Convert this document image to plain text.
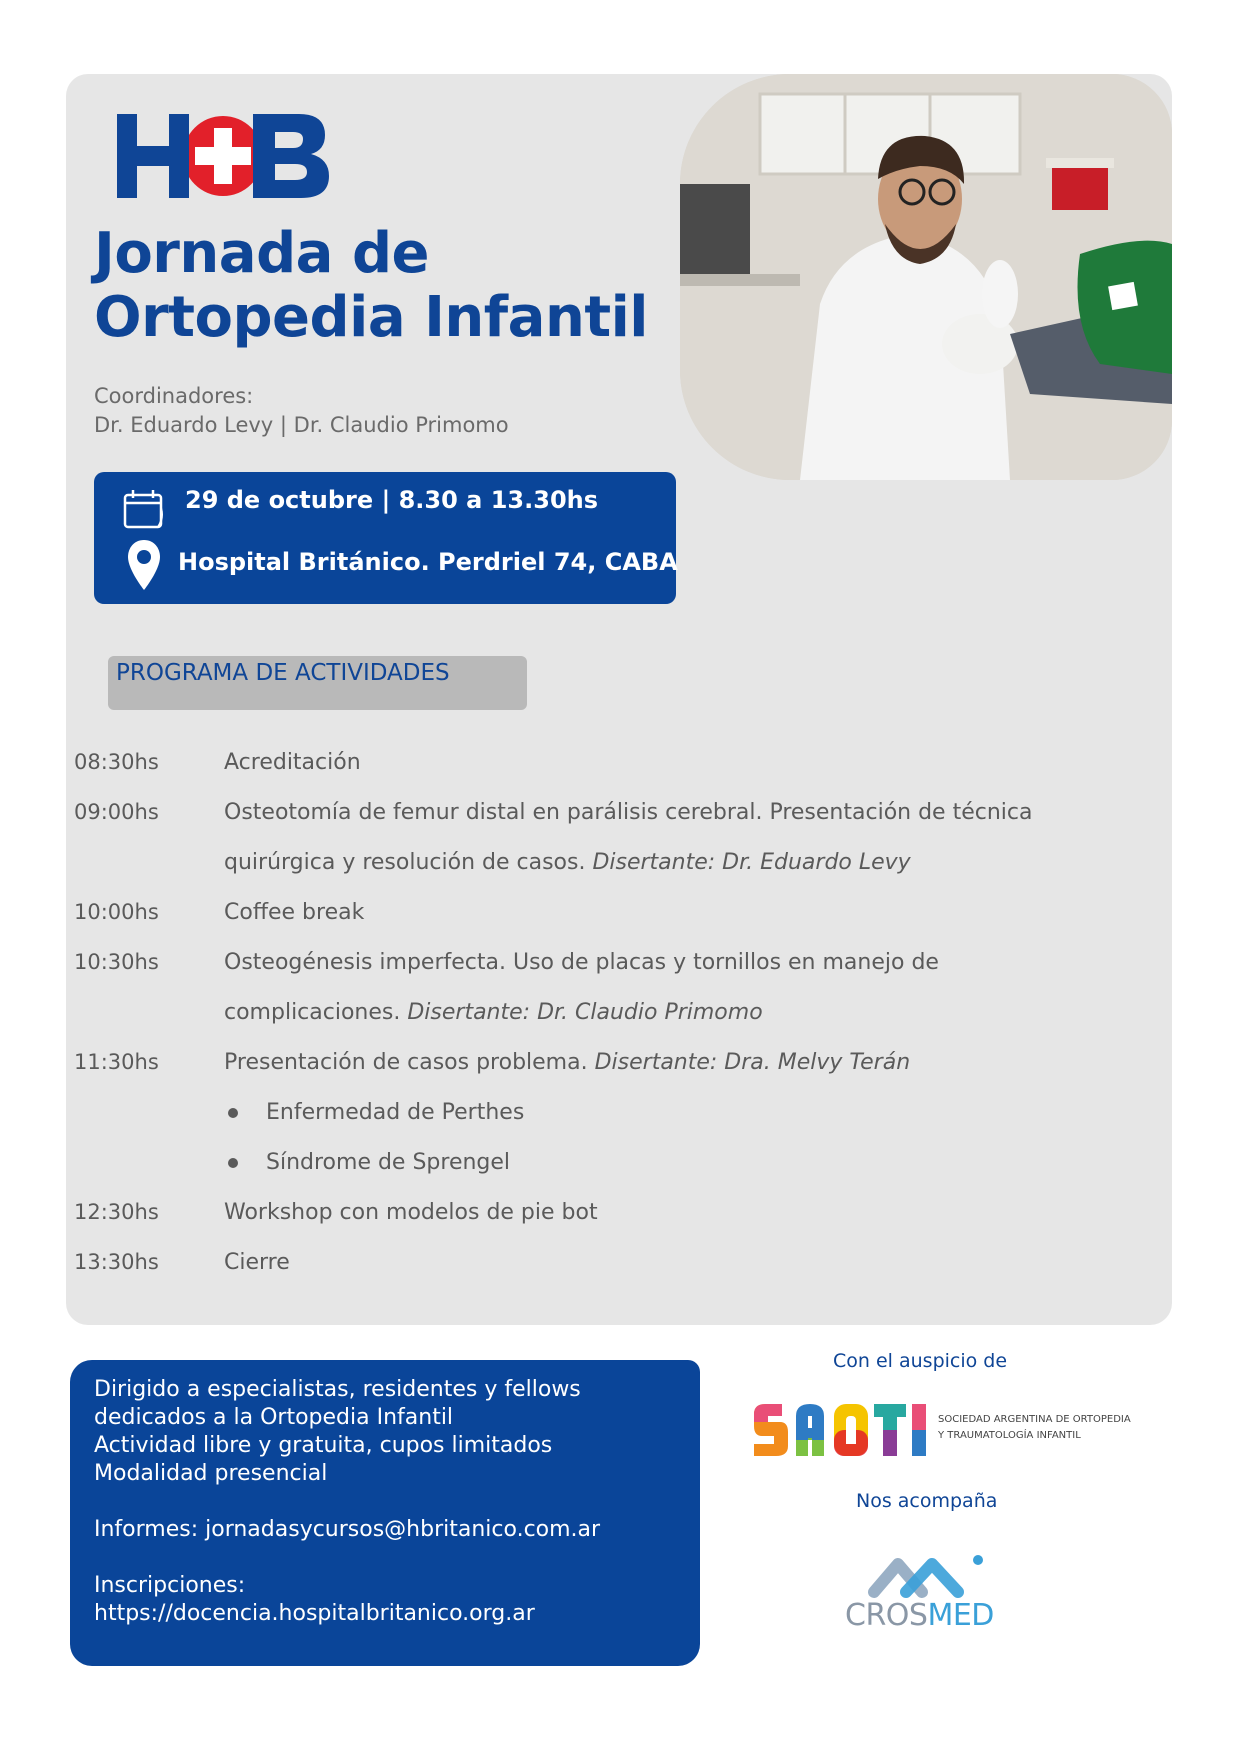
Jornada de
Ortopedia Infantil
Coordinadores:
Dr. Eduardo Levy | Dr. Claudio Primomo
29 de octubre | 8.30 a 13.30hs
Hospital Británico. Perdriel 74, CABA
PROGRAMA DE ACTIVIDADES
08:30hs	Acreditación
09:00hs	Osteotomía de femur distal en parálisis cerebral. Presentación de técnica
quirúrgica y resolución de casos. Disertante: Dr. Eduardo Levy
10:00hs	Coffee break
10:30hs	Osteogénesis imperfecta. Uso de placas y tornillos en manejo de
complicaciones. Disertante: Dr. Claudio Primomo
11:30hs	Presentación de casos problema. Disertante: Dra. Melvy Terán
Enfermedad de Perthes
Síndrome de Sprengel
12:30hs	Workshop con modelos de pie bot
13:30hs	Cierre
Dirigido a especialistas, residentes y fellows
dedicados a la Ortopedia Infantil
Actividad libre y gratuita, cupos limitados
Modalidad presencial
Informes: jornadasycursos@hbritanico.com.ar
Inscripciones:
https://docencia.hospitalbritanico.org.ar
Con el auspicio de
SOCIEDAD ARGENTINA DE ORTOPEDIA
Y TRAUMATOLOGÍA INFANTIL
Nos acompaña
CROSMED
